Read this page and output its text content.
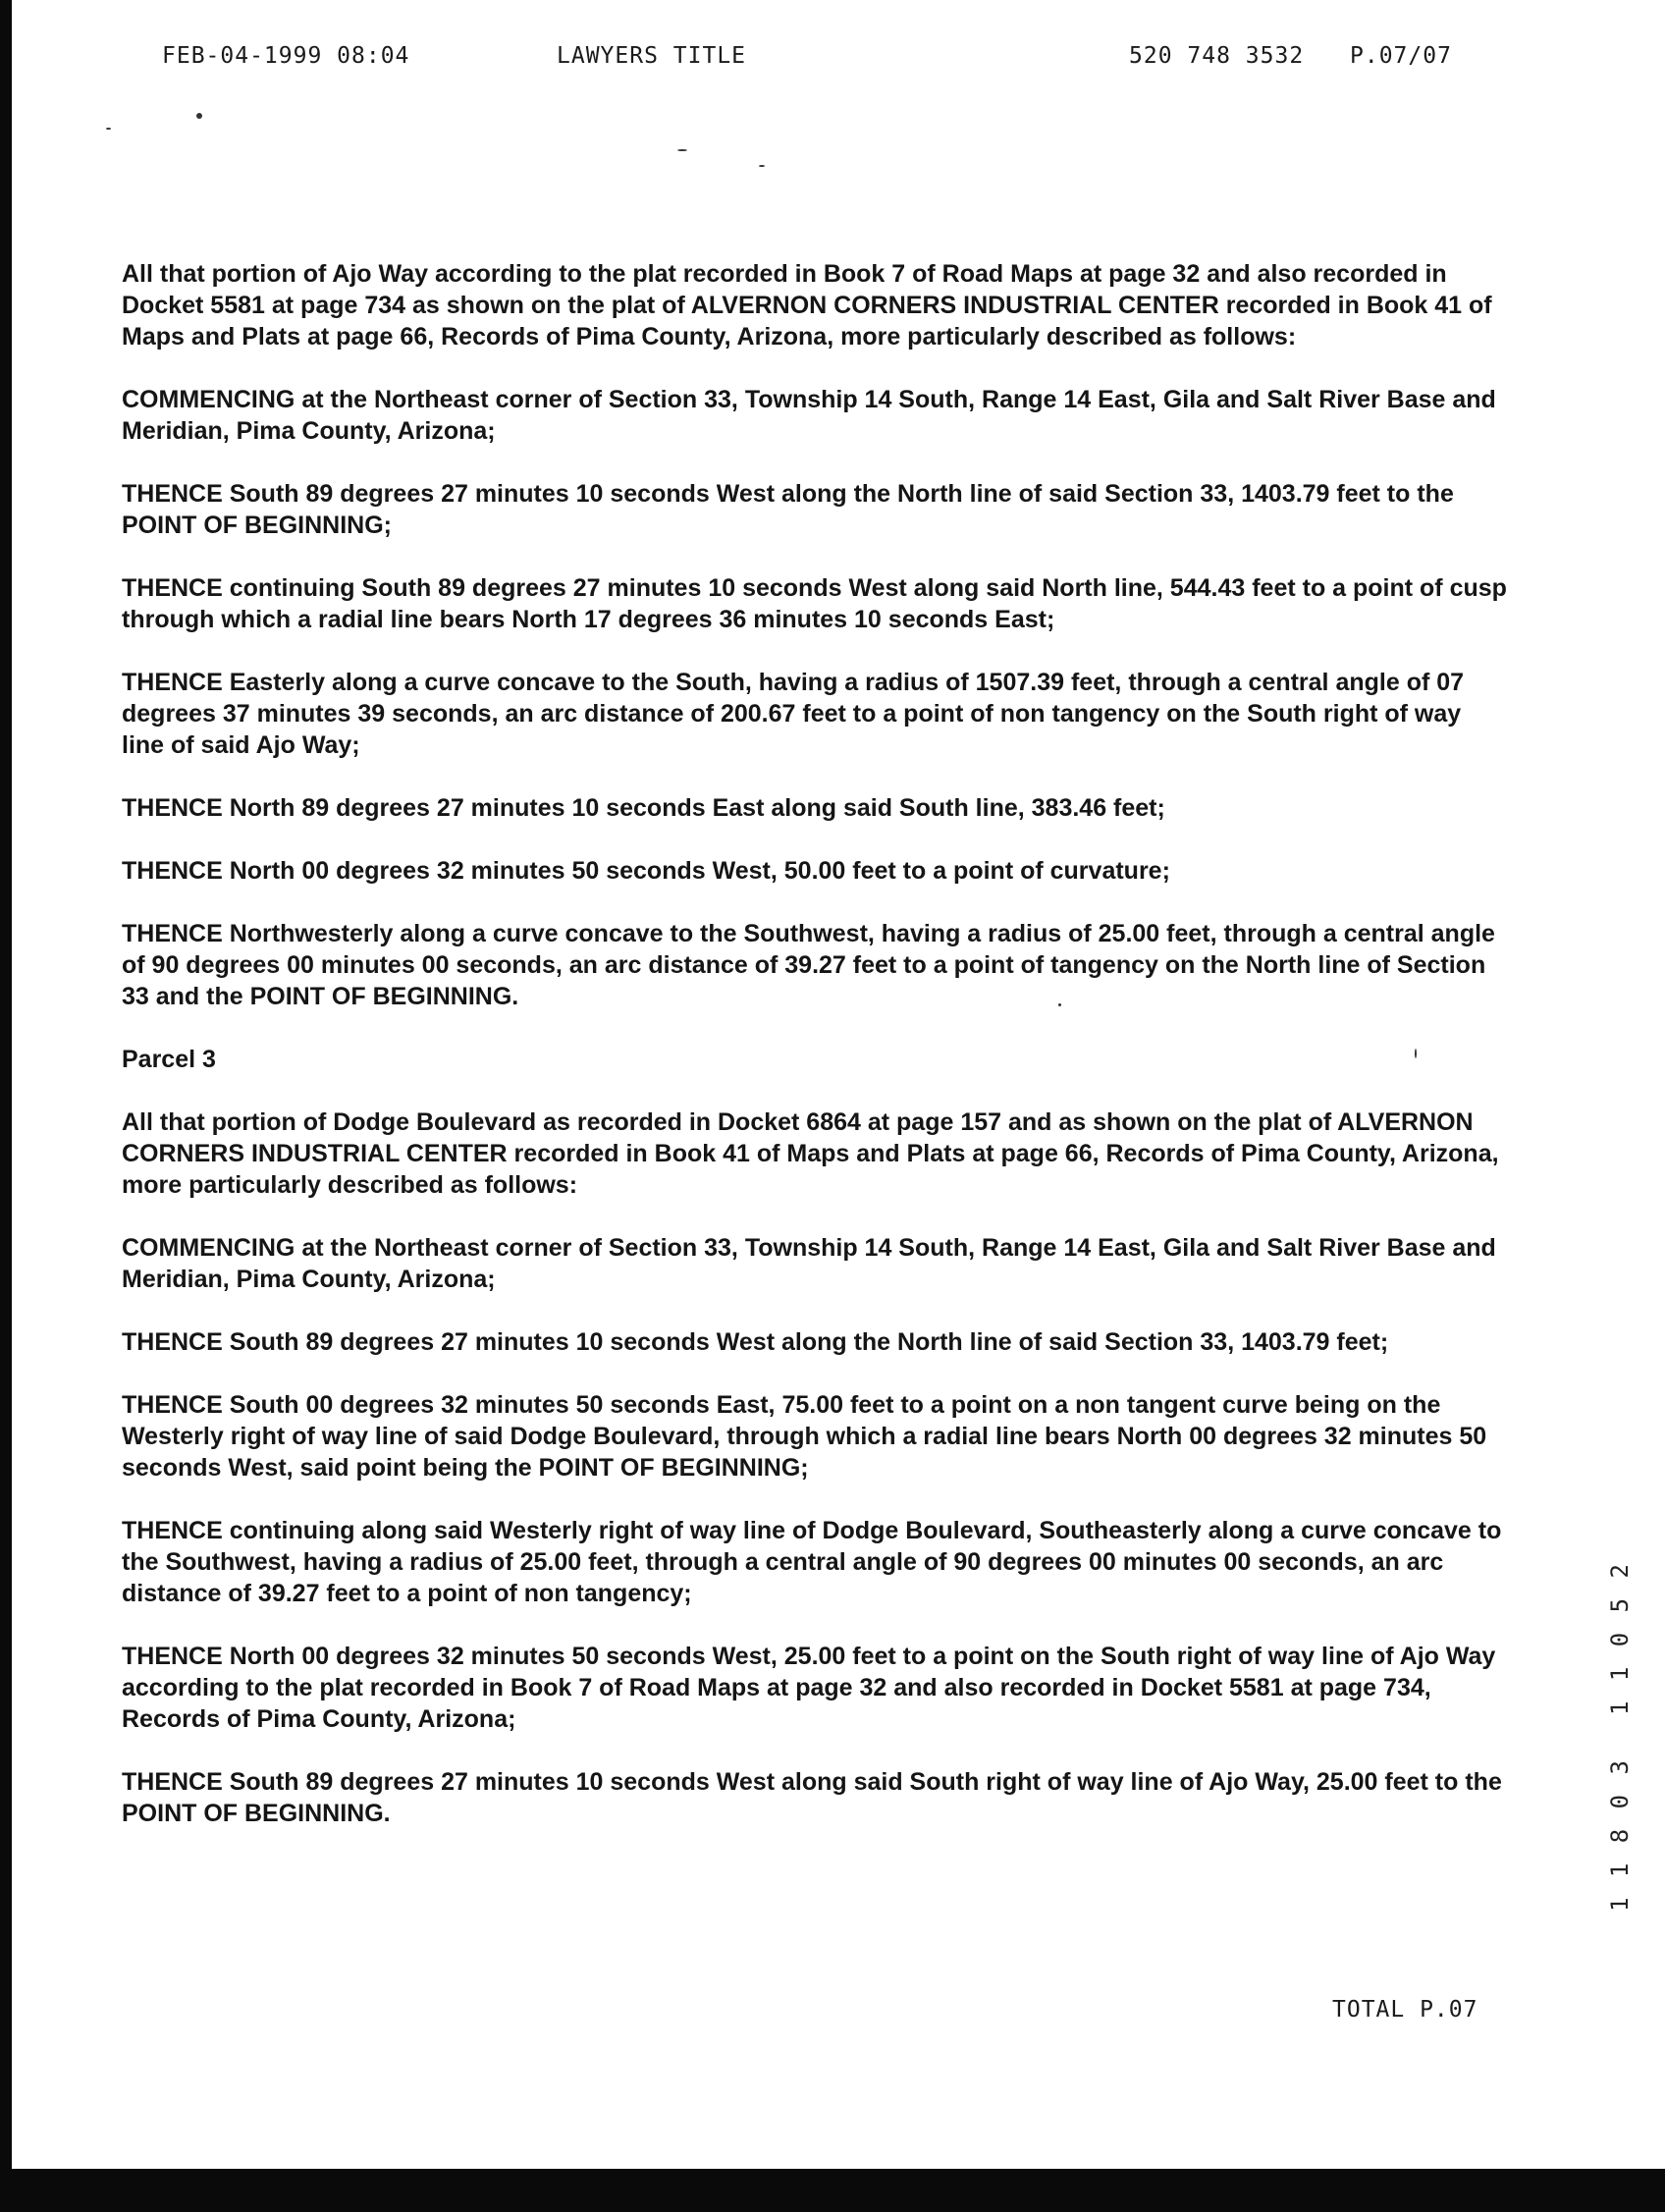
FEB-04-1999 08:04	LAWYERS TITLE	520 748 3532 P.07/07

All that portion of Ajo Way according to the plat recorded in Book 7 of Road Maps at page 32 and also recorded in Docket 5581 at page 734 as shown on the plat of ALVERNON CORNERS INDUSTRIAL CENTER recorded in Book 41 of Maps and Plats at page 66, Records of Pima County, Arizona, more particularly described as follows:

COMMENCING at the Northeast corner of Section 33, Township 14 South, Range 14 East, Gila and Salt River Base and Meridian, Pima County, Arizona;

THENCE South 89 degrees 27 minutes 10 seconds West along the North line of said Section 33, 1403.79 feet to the POINT OF BEGINNING;

THENCE continuing South 89 degrees 27 minutes 10 seconds West along said North line, 544.43 feet to a point of cusp through which a radial line bears North 17 degrees 36 minutes 10 seconds East;

THENCE Easterly along a curve concave to the South, having a radius of 1507.39 feet, through a central angle of 07 degrees 37 minutes 39 seconds, an arc distance of 200.67 feet to a point of non tangency on the South right of way line of said Ajo Way;

THENCE North 89 degrees 27 minutes 10 seconds East along said South line, 383.46 feet;

THENCE North 00 degrees 32 minutes 50 seconds West, 50.00 feet to a point of curvature;

THENCE Northwesterly along a curve concave to the Southwest, having a radius of 25.00 feet, through a central angle of 90 degrees 00 minutes 00 seconds, an arc distance of 39.27 feet to a point of tangency on the North line of Section 33 and the POINT OF BEGINNING.

Parcel 3

All that portion of Dodge Boulevard as recorded in Docket 6864 at page 157 and as shown on the plat of ALVERNON CORNERS INDUSTRIAL CENTER recorded in Book 41 of Maps and Plats at page 66, Records of Pima County, Arizona, more particularly described as follows:

COMMENCING at the Northeast corner of Section 33, Township 14 South, Range 14 East, Gila and Salt River Base and Meridian, Pima County, Arizona;

THENCE South 89 degrees 27 minutes 10 seconds West along the North line of said Section 33, 1403.79 feet;

THENCE South 00 degrees 32 minutes 50 seconds East, 75.00 feet to a point on a non tangent curve being on the Westerly right of way line of said Dodge Boulevard, through which a radial line bears North 00 degrees 32 minutes 50 seconds West, said point being the POINT OF BEGINNING;

THENCE continuing along said Westerly right of way line of Dodge Boulevard, Southeasterly along a curve concave to the Southwest, having a radius of 25.00 feet, through a central angle of 90 degrees 00 minutes 00 seconds, an arc distance of 39.27 feet to a point of non tangency;

THENCE North 00 degrees 32 minutes 50 seconds West, 25.00 feet to a point on the South right of way line of Ajo Way according to the plat recorded in Book 7 of Road Maps at page 32 and also recorded in Docket 5581 at page 734, Records of Pima County, Arizona;

THENCE South 89 degrees 27 minutes 10 seconds West along said South right of way line of Ajo Way, 25.00 feet to the POINT OF BEGINNING.

1 1 0 5 2
1 1 8 0 3
TOTAL P.07
